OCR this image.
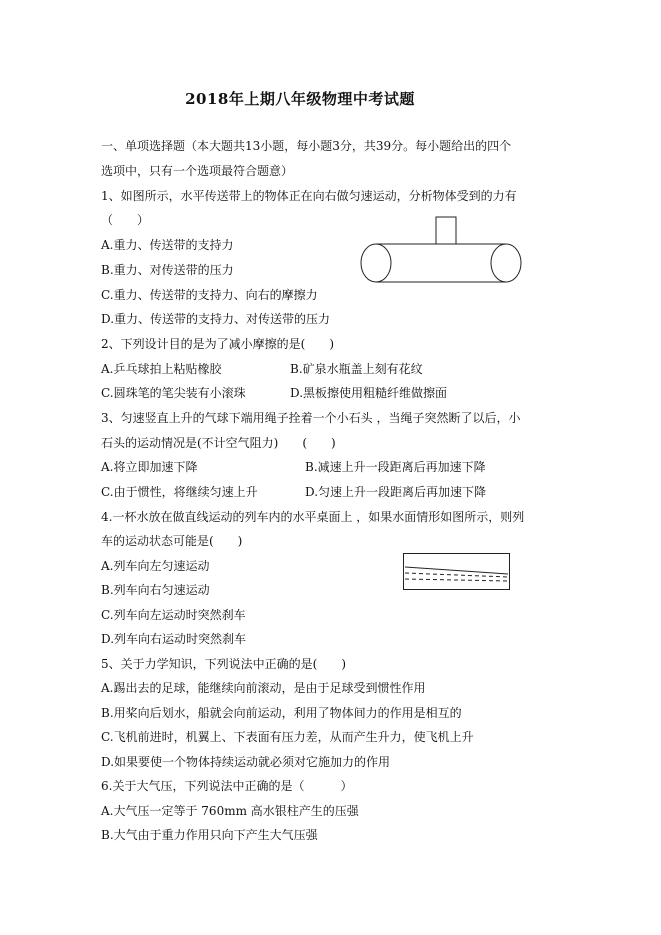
2018年上期八年级物理中考试题
一、单项选择题（本大题共13小题，每小题3分，共39分。每小题给出的四个
选项中，只有一个选项最符合题意）
1、如图所示，水平传送带上的物体正在向右做匀速运动，分析物体受到的力有
（　　）
A.重力、传送带的支持力
B.重力、对传送带的压力
C.重力、传送带的支持力、向右的摩擦力
D.重力、传送带的支持力、对传送带的压力
2、下列设计目的是为了减小摩擦的是(　　)
A.乒乓球拍上粘贴橡胶	B.矿泉水瓶盖上刻有花纹
C.圆珠笔的笔尖装有小滚珠	D.黑板擦使用粗糙纤维做擦面
3、匀速竖直上升的气球下端用绳子拴着一个小石头 ，当绳子突然断了以后，小
石头的运动情况是(不计空气阻力)　　(　　)
A.将立即加速下降	B.减速上升一段距离后再加速下降
C.由于惯性，将继续匀速上升	D.匀速上升一段距离后再加速下降
4.一杯水放在做直线运动的列车内的水平桌面上 ，如果水面情形如图所示，则列
车的运动状态可能是(　　)
A.列车向左匀速运动
B.列车向右匀速运动
C.列车向左运动时突然刹车
D.列车向右运动时突然刹车
5、关于力学知识，下列说法中正确的是(　　)
A.踢出去的足球，能继续向前滚动，是由于足球受到惯性作用
B.用桨向后划水，船就会向前运动，利用了物体间力的作用是相互的
C.飞机前进时，机翼上、下表面有压力差，从而产生升力，使飞机上升
D.如果要使一个物体持续运动就必须对它施加力的作用
6.关于大气压，下列说法中正确的是（　　　）
A.大气压一定等于 760mm 高水银柱产生的压强
B.大气由于重力作用只向下产生大气压强
